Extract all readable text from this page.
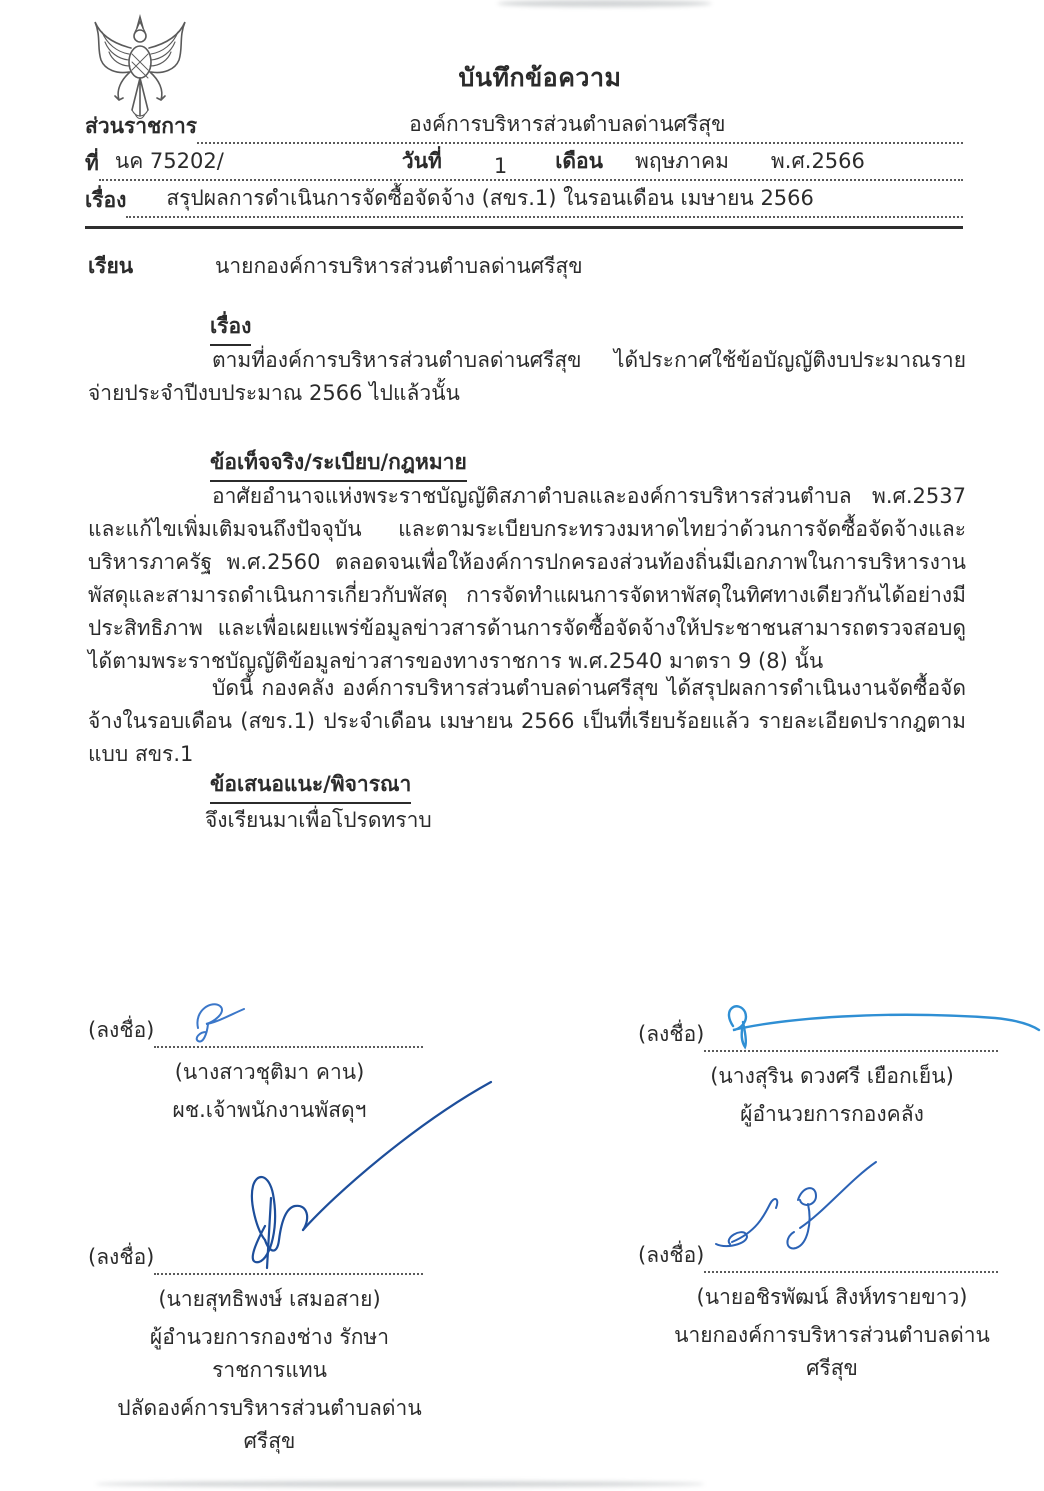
บันทึกข้อความ
ส่วนราชการ	องค์การบริหารส่วนตำบลด่านศรีสุข
ที่ นค 75202/	วันที่ 1 เดือน พฤษภาคม พ.ศ.2566
เรื่อง สรุปผลการดำเนินการจัดซื้อจัดจ้าง (สขร.1) ในรอนเดือน เมษายน 2566
เรียน	นายกองค์การบริหารส่วนตำบลด่านศรีสุข
เรื่อง
ตามที่องค์การบริหารส่วนตำบลด่านศรีสุข ได้ประกาศใช้ข้อบัญญัติงบประมาณรายจ่ายประจำปีงบประมาณ 2566 ไปแล้วนั้น
ข้อเท็จจริง/ระเบียบ/กฎหมาย
อาศัยอำนาจแห่งพระราชบัญญัติสภาตำบลและองค์การบริหารส่วนตำบล พ.ศ.2537 และแก้ไขเพิ่มเติมจนถึงปัจจุบัน และตามระเบียบกระทรวงมหาดไทยว่าด้วนการจัดซื้อจัดจ้างและบริหารภาครัฐ พ.ศ.2560 ตลอดจนเพื่อให้องค์การปกครองส่วนท้องถิ่นมีเอกภาพในการบริหารงานพัสดุและสามารถดำเนินการเกี่ยวกับพัสดุ การจัดทำแผนการจัดหาพัสดุในทิศทางเดียวกันได้อย่างมีประสิทธิภาพ และเพื่อเผยแพร่ข้อมูลข่าวสารด้านการจัดซื้อจัดจ้างให้ประชาชนสามารถตรวจสอบดูได้ตามพระราชบัญญัติข้อมูลข่าวสารของทางราชการ พ.ศ.2540 มาตรา 9 (8) นั้น
บัดนี้ กองคลัง องค์การบริหารส่วนตำบลด่านศรีสุข ได้สรุปผลการดำเนินงานจัดซื้อจัดจ้างในรอบเดือน (สขร.1) ประจำเดือน เมษายน 2566 เป็นที่เรียบร้อยแล้ว รายละเอียดปรากฎตามแบบ สขร.1
ข้อเสนอแนะ/พิจารณา
จึงเรียนมาเพื่อโปรดทราบ
(ลงชื่อ)
(นางสาวชุติมา คาน)
ผช.เจ้าพนักงานพัสดุฯ
(ลงชื่อ)
(นางสุริน ดวงศรี เยือกเย็น)
ผู้อำนวยการกองคลัง
(ลงชื่อ)
(นายสุทธิพงษ์ เสมอสาย)
ผู้อำนวยการกองช่าง รักษาราชการแทน
ปลัดองค์การบริหารส่วนตำบลด่านศรีสุข
(ลงชื่อ)
(นายอชิรพัฒน์ สิงห์ทรายขาว)
นายกองค์การบริหารส่วนตำบลด่านศรีสุข
